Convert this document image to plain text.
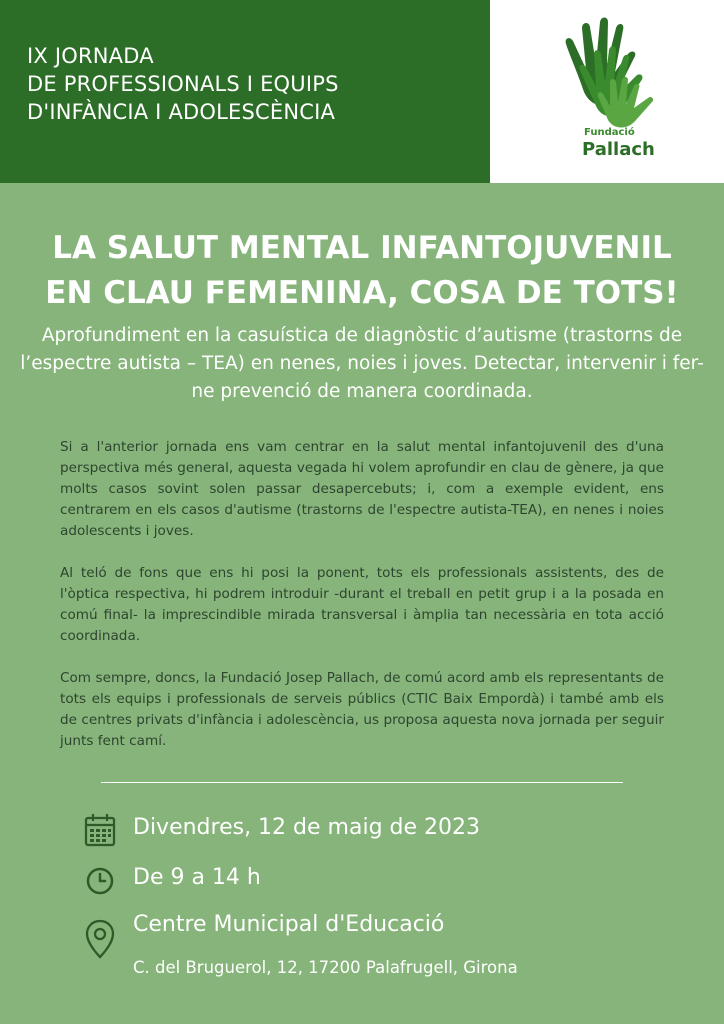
IX JORNADA
DE PROFESSIONALS I EQUIPS
D'INFÀNCIA I ADOLESCÈNCIA
Fundació
Pallach
LA SALUT MENTAL INFANTOJUVENIL
EN CLAU FEMENINA, COSA DE TOTS!
Aprofundiment en la casuística de diagnòstic d’autisme (trastorns de l’espectre autista – TEA) en nenes, noies i joves. Detectar, intervenir i fer-ne prevenció de manera coordinada.
Si a l'anterior jornada ens vam centrar en la salut mental infantojuvenil des d'una perspectiva més general, aquesta vegada hi volem aprofundir en clau de gènere, ja que molts casos sovint solen passar desapercebuts; i, com a exemple evident, ens centrarem en els casos d'autisme (trastorns de l'espectre autista-TEA), en nenes i noies adolescents i joves.
Al teló de fons que ens hi posi la ponent, tots els professionals assistents, des de l'òptica respectiva, hi podrem introduir -durant el treball en petit grup i a la posada en comú final- la imprescindible mirada transversal i àmplia tan necessària en tota acció coordinada.
Com sempre, doncs, la Fundació Josep Pallach, de comú acord amb els representants de tots els equips i professionals de serveis públics (CTIC Baix Empordà) i també amb els de centres privats d'infància i adolescència, us proposa aquesta nova jornada per seguir junts fent camí.
Divendres, 12 de maig de 2023
De 9 a 14 h
Centre Municipal d'Educació
C. del Bruguerol, 12, 17200 Palafrugell, Girona
